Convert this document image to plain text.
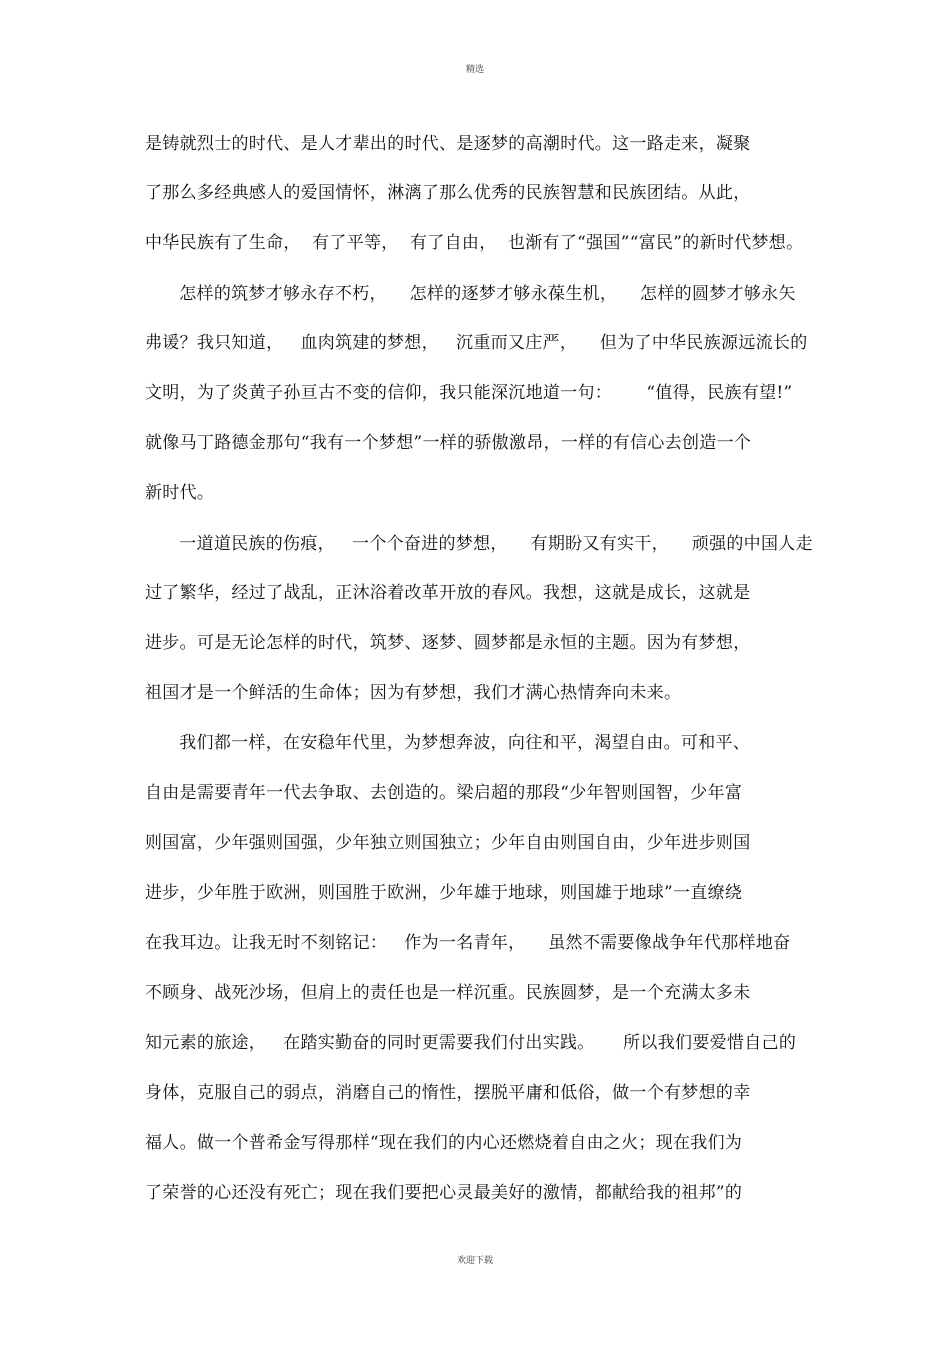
精选
是铸就烈士的时代、是人才辈出的时代、是逐梦的高潮时代。这一路走来，凝聚
了那么多经典感人的爱国情怀，淋漓了那么优秀的民族智慧和民族团结。从此，
中华民族有了生命，  有了平等，  有了自由，  也渐有了“强国”“富民”的新时代梦想。
怎样的筑梦才够永存不朽，    怎样的逐梦才够永葆生机，    怎样的圆梦才够永矢
弗谖？我只知道，   血肉筑建的梦想，   沉重而又庄严，    但为了中华民族源远流长的
文明，为了炎黄子孙亘古不变的信仰，我只能深沉地道一句：      “值得，民族有望!”
就像马丁路德金那句“我有一个梦想”一样的骄傲激昂，一样的有信心去创造一个
新时代。
一道道民族的伤痕，   一个个奋进的梦想，    有期盼又有实干，    顽强的中国人走
过了繁华，经过了战乱，正沐浴着改革开放的春风。我想，这就是成长，这就是
进步。可是无论怎样的时代，筑梦、逐梦、圆梦都是永恒的主题。因为有梦想，
祖国才是一个鲜活的生命体；因为有梦想，我们才满心热情奔向未来。
我们都一样，在安稳年代里，为梦想奔波，向往和平，渴望自由。可和平、
自由是需要青年一代去争取、去创造的。梁启超的那段“少年智则国智，少年富
则国富，少年强则国强，少年独立则国独立；少年自由则国自由，少年进步则国
进步，少年胜于欧洲，则国胜于欧洲，少年雄于地球，则国雄于地球”一直缭绕
在我耳边。让我无时不刻铭记：   作为一名青年，    虽然不需要像战争年代那样地奋
不顾身、战死沙场，但肩上的责任也是一样沉重。民族圆梦，是一个充满太多未
知元素的旅途，   在踏实勤奋的同时更需要我们付出实践。     所以我们要爱惜自己的
身体，克服自己的弱点，消磨自己的惰性，摆脱平庸和低俗，做一个有梦想的幸
福人。做一个普希金写得那样“现在我们的内心还燃烧着自由之火；现在我们为
了荣誉的心还没有死亡；现在我们要把心灵最美好的激情，都献给我的祖邦”的
欢迎下载
